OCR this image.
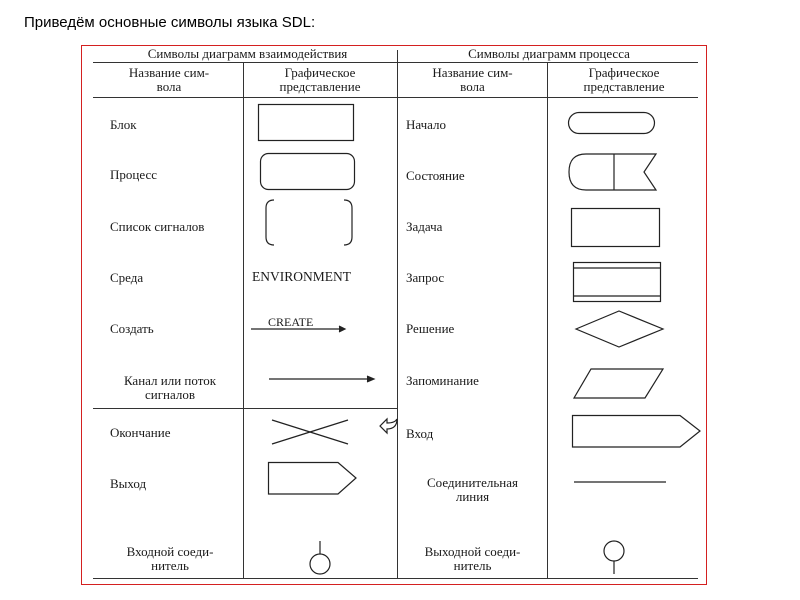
Приведём основные символы языка SDL:
Символы диаграмм взаимодействия	Символы диаграмм процесса
Название сим-
вола
Графическое
представление
Название сим-
вола
Графическое
представление
Блок
Процесс
Список сигналов
Среда
Создать
Канал или поток
сигналов
Окончание
Выход
Входной соеди-
нитель
Начало
Состояние
Задача
Запрос
Решение
Запоминание
Вход
Соединительная
линия
Выходной соеди-
нитель
ENVIRONMENT
CREATE
